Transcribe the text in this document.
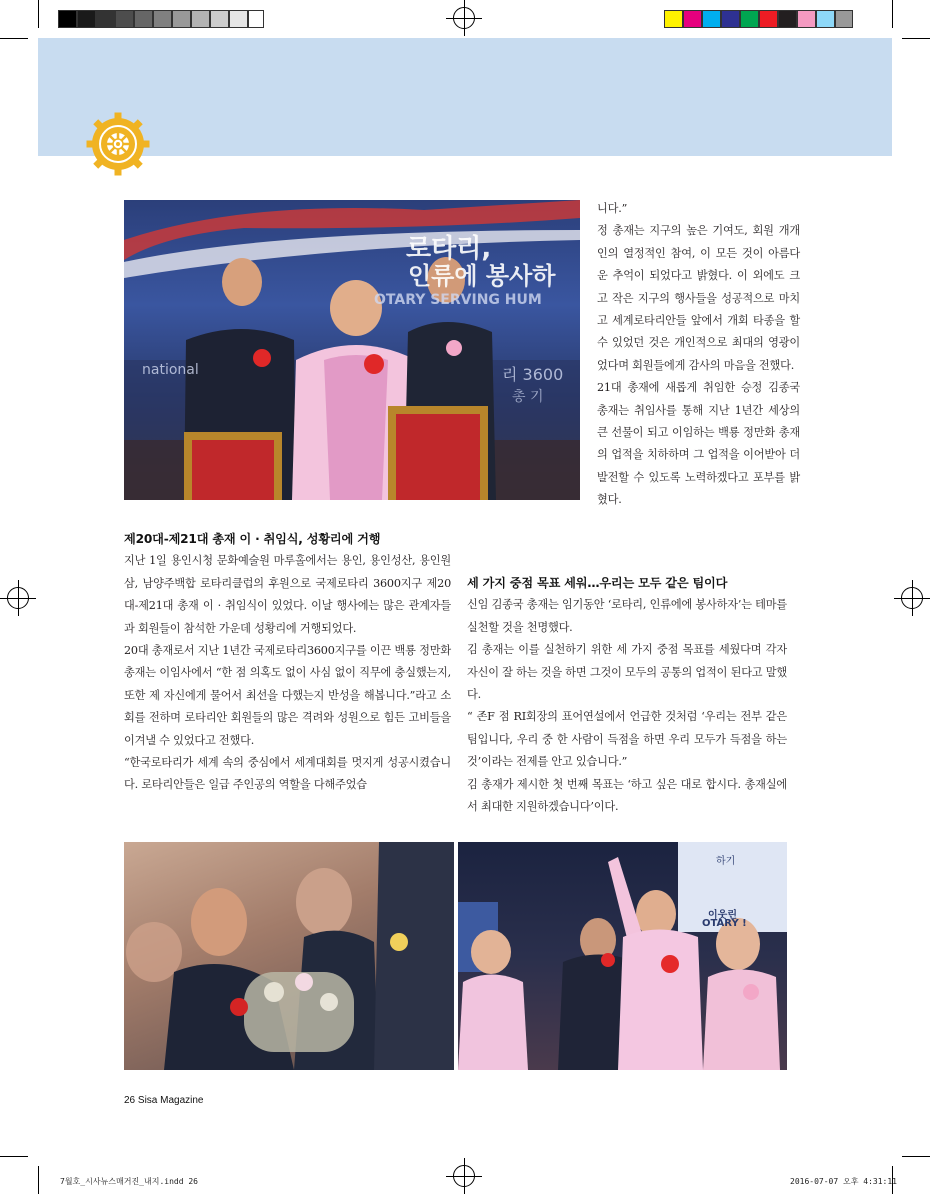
로타리,
인류에 봉사하
OTARY SERVING HUM
national	리 3600
총 기

니다.”

정 총재는 지구의 높은 기여도, 회원 개개인의 열정적인 참여, 이 모든 것이 아름다운 추억이 되었다고 밝혔다. 이 외에도 크고 작은 지구의 행사들을 성공적으로 마치고 세계로타리안들 앞에서 개회 타종을 할 수 있었던 것은 개인적으로 최대의 영광이었다며 회원들에게 감사의 마음을 전했다.

21대 총재에 새롭게 취임한 승정 김종국 총재는 취임사를 통해 지난 1년간 세상의 큰 선물이 되고 이임하는 백룡 정만화 총재의 업적을 치하하며 그 업적을 이어받아 더 발전할 수 있도록 노력하겠다고 포부를 밝혔다.

제20대-제21대 총재 이 · 취임식, 성황리에 거행

지난 1일 용인시청 문화예술원 마루홀에서는 용인, 용인성산, 용인원삼, 남양주백합 로타리클럽의 후원으로 국제로타리 3600지구 제20대-제21대 총재 이 · 취임식이 있었다. 이날 행사에는 많은 관계자들과 회원들이 참석한 가운데 성황리에 거행되었다.

20대 총재로서 지난 1년간 국제로타리3600지구를 이끈 백룡 정만화 총재는 이임사에서 “한 점 의혹도 없이 사심 없이 직무에 충실했는지, 또한 제 자신에게 물어서 최선을 다했는지 반성을 해봅니다.”라고 소회를 전하며 로타리안 회원들의 많은 격려와 성원으로 힘든 고비들을 이겨낼 수 있었다고 전했다.

“한국로타리가 세계 속의 중심에서 세계대회를 멋지게 성공시켰습니다. 로타리안들은 일급 주인공의 역할을 다해주었습

세 가지 중점 목표 세워…우리는 모두 같은 팀이다

신임 김종국 총재는 임기동안 ‘로타리, 인류에에 봉사하자’는 테마를 실천할 것을 천명했다.

김 총재는 이를 실천하기 위한 세 가지 중점 목표를 세웠다며 각자 자신이 잘 하는 것을 하면 그것이 모두의 공통의 업적이 된다고 말했다.

“ 존F 점 RI회장의 표어연설에서 언급한 것처럼 ‘우리는 전부 같은 팀입니다, 우리 중 한 사람이 득점을 하면 우리 모두가 득점을 하는 것’이라는 전제를 안고 있습니다.”

김 총재가 제시한 첫 번째 목표는 ‘하고 싶은 대로 합시다. 총재실에서 최대한 지원하겠습니다’이다.

하기
이웃린
OTARY !
26 Sisa Magazine
7월호_시사뉴스매거진_내지.indd 26	2016-07-07 오후 4:31:11
